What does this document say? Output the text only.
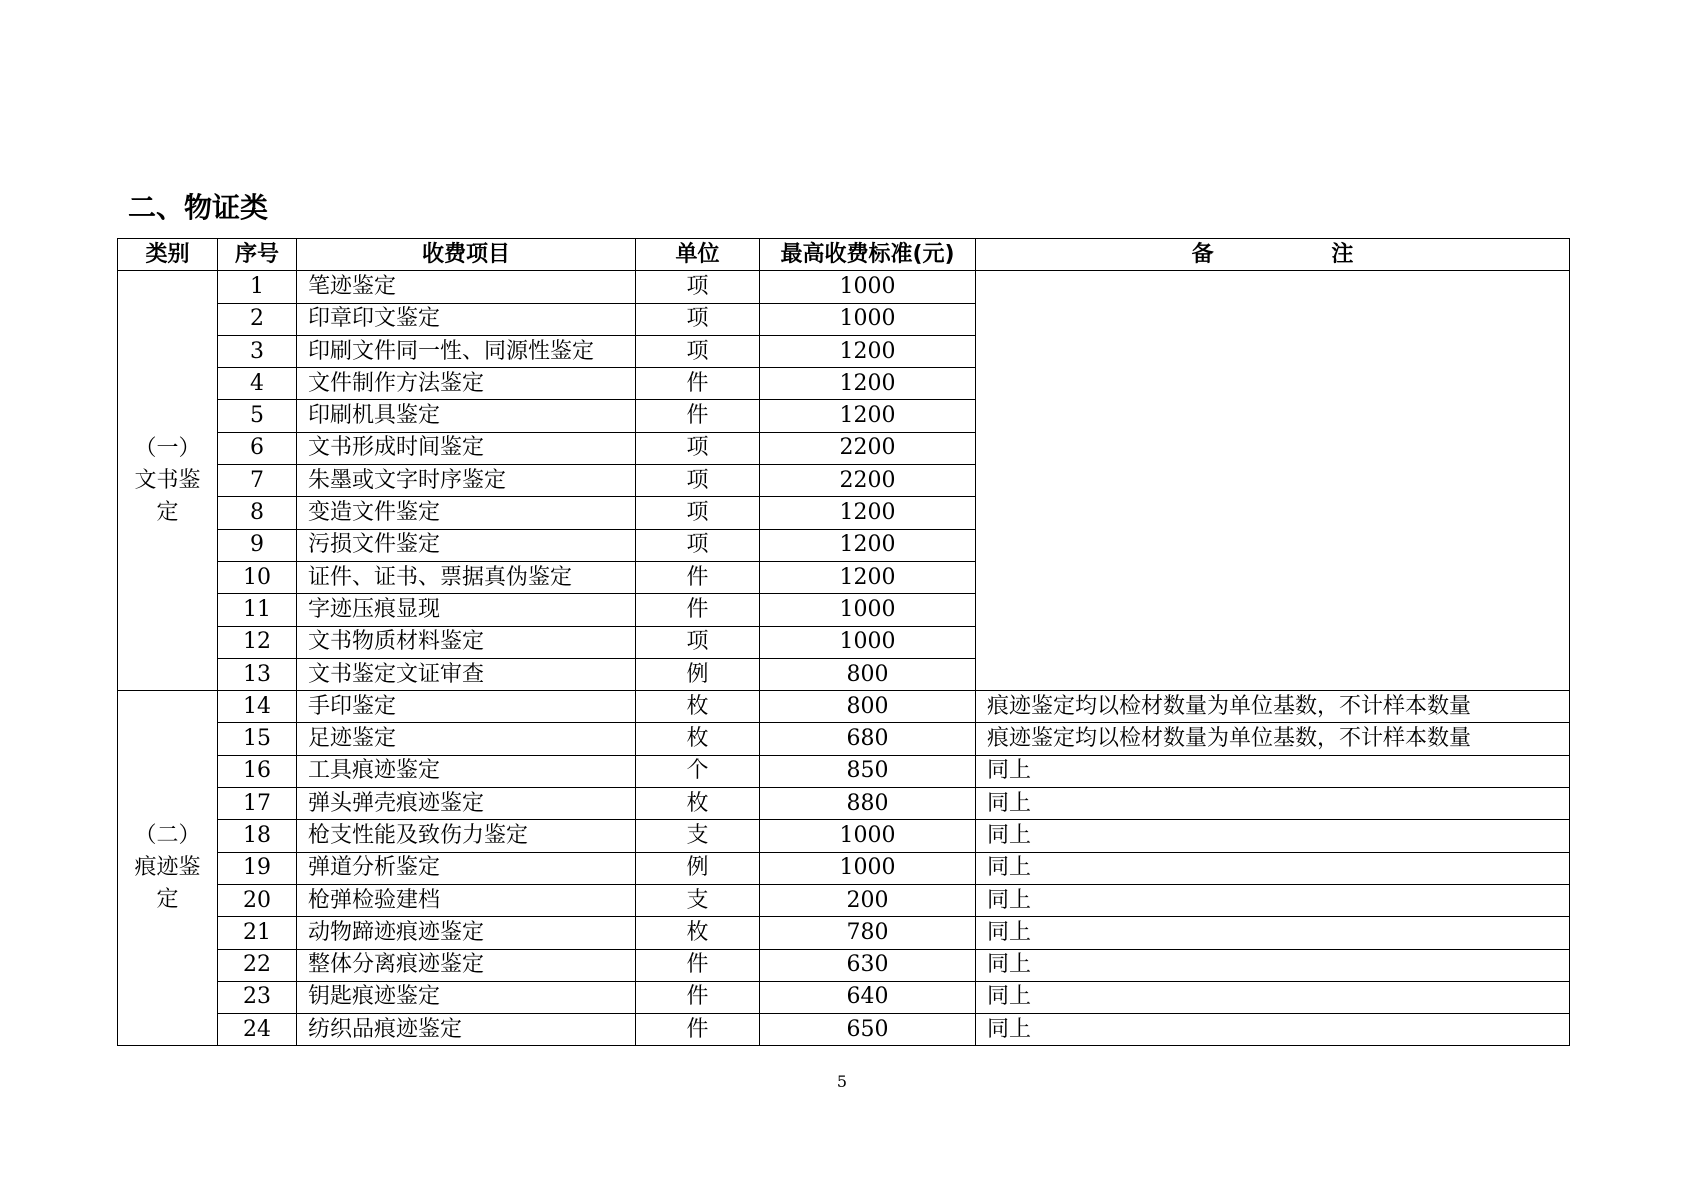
二、物证类
类别	序号	收费项目	单位	最高收费标准(元)	备 注

（一）
文书鉴
定	1	笔迹鉴定	项	1000	
	2	印章印文鉴定	项	1000	
	3	印刷文件同一性、同源性鉴定	项	1200	
	4	文件制作方法鉴定	件	1200	
	5	印刷机具鉴定	件	1200	
	6	文书形成时间鉴定	项	2200	
	7	朱墨或文字时序鉴定	项	2200	
	8	变造文件鉴定	项	1200	
	9	污损文件鉴定	项	1200	
	10	证件、证书、票据真伪鉴定	件	1200	
	11	字迹压痕显现	件	1000	
	12	文书物质材料鉴定	项	1000	
	13	文书鉴定文证审查	例	800	

（二）
痕迹鉴
定	14	手印鉴定	枚	800	痕迹鉴定均以检材数量为单位基数，不计样本数量
	15	足迹鉴定	枚	680	痕迹鉴定均以检材数量为单位基数，不计样本数量
	16	工具痕迹鉴定	个	850	同上
	17	弹头弹壳痕迹鉴定	枚	880	同上
	18	枪支性能及致伤力鉴定	支	1000	同上
	19	弹道分析鉴定	例	1000	同上
	20	枪弹检验建档	支	200	同上
	21	动物蹄迹痕迹鉴定	枚	780	同上
	22	整体分离痕迹鉴定	件	630	同上
	23	钥匙痕迹鉴定	件	640	同上
	24	纺织品痕迹鉴定	件	650	同上
5
